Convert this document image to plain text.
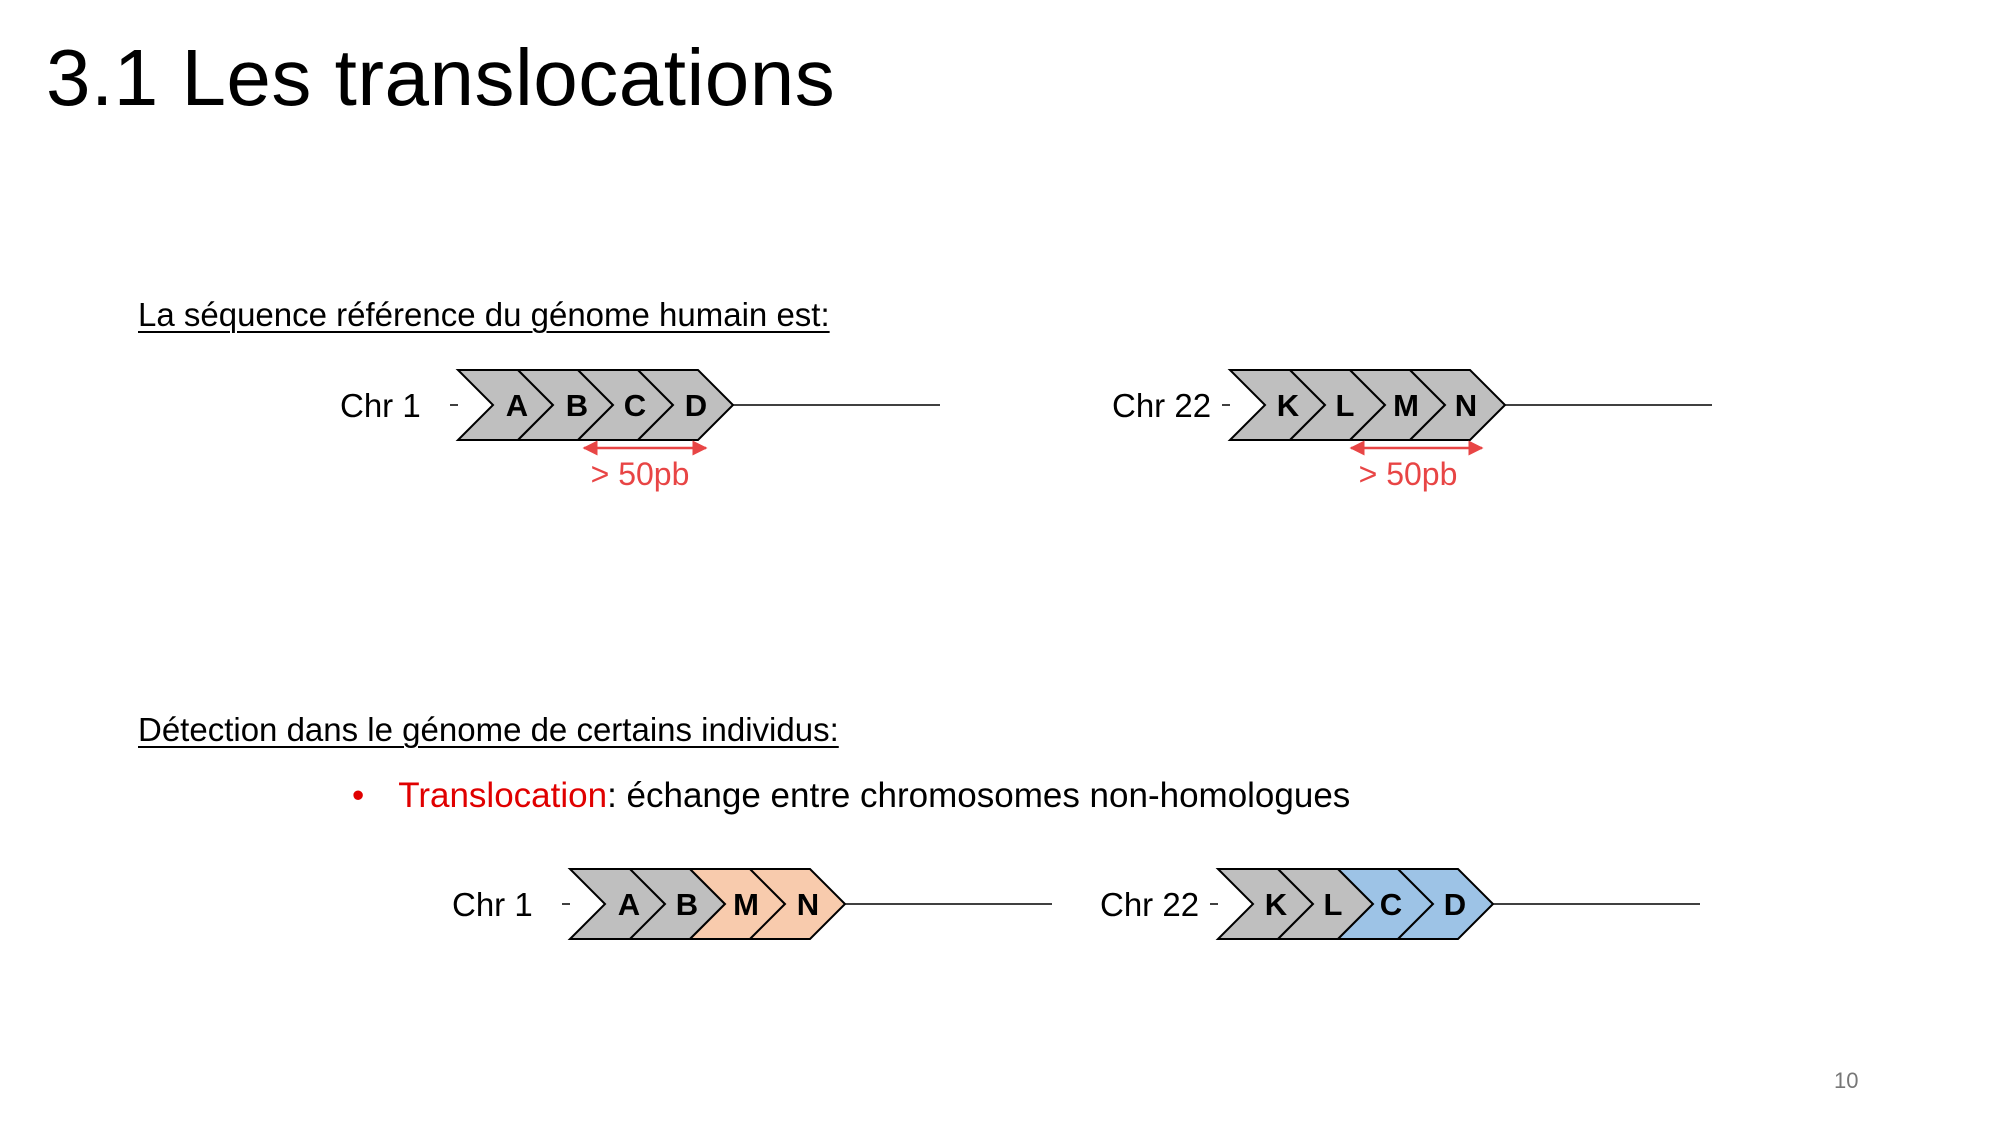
3.1 Les translocations
La séquence référence du génome humain est:
Détection dans le génome de certains individus:
• Translocation: échange entre chromosomes non-homologues
Chr 1	A B C D
> 50pb
Chr 22 K L M N
> 50pb
Chr 1	A B M N	Chr 22 K L C D
10
